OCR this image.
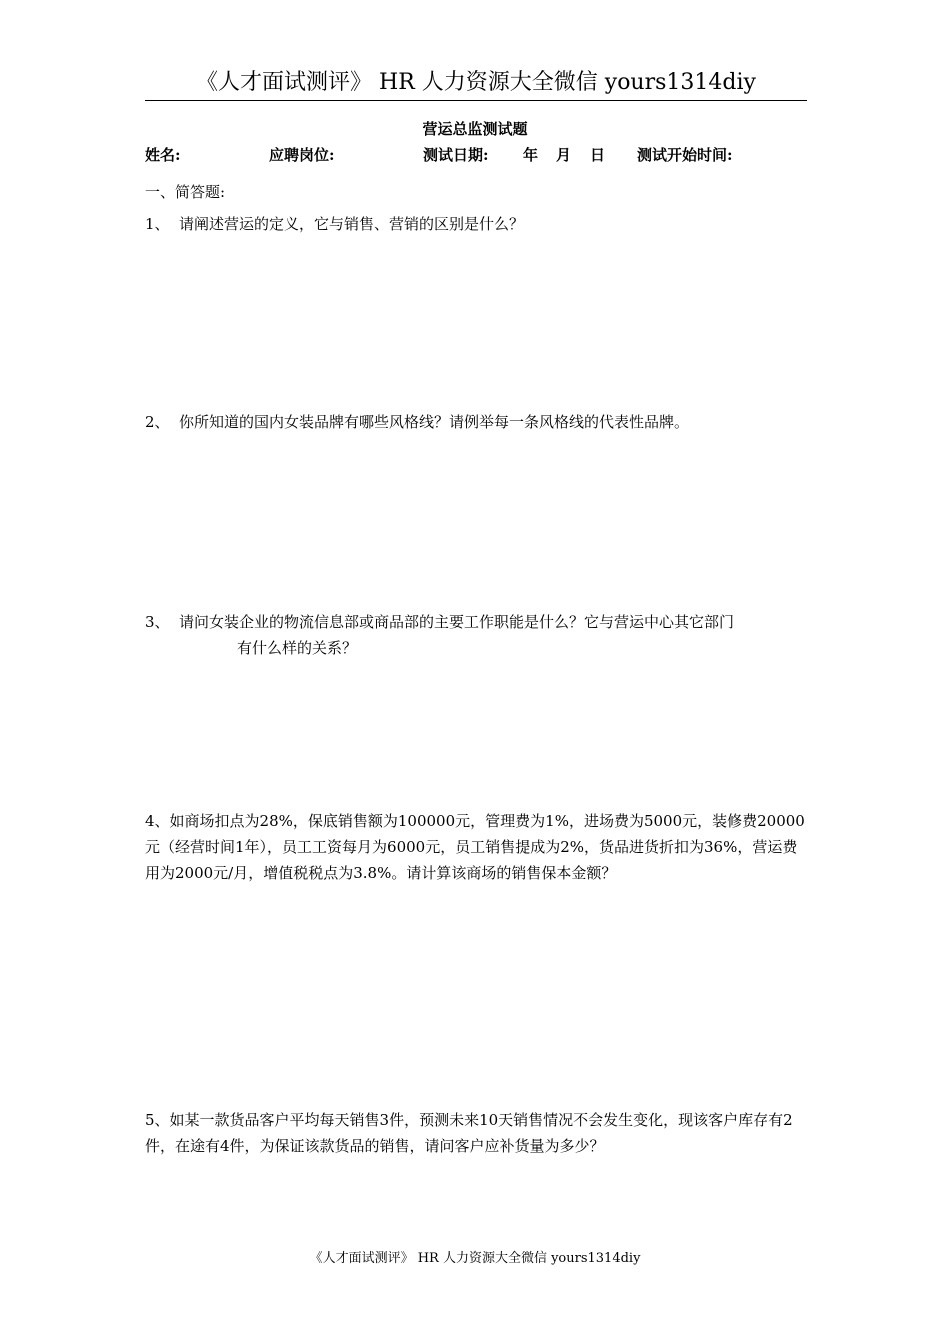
《人才面试测评》 HR 人力资源大全微信 yours1314diy
营运总监测试题
姓名:	应聘岗位:	测试日期: 年 月 日 测试开始时间:
一、简答题:
1、 请阐述营运的定义，它与销售、营销的区别是什么？
2、 你所知道的国内女装品牌有哪些风格线？请例举每一条风格线的代表性品牌。
3、 请问女装企业的物流信息部或商品部的主要工作职能是什么？它与营运中心其它部门
有什么样的关系？
4、如商场扣点为28%，保底销售额为100000元，管理费为1%，进场费为5000元，装修费20000元（经营时间1年），员工工资每月为6000元，员工销售提成为2%，货品进货折扣为36%，营运费用为2000元/月，增值税税点为3.8%。请计算该商场的销售保本金额？
5、如某一款货品客户平均每天销售3件，预测未来10天销售情况不会发生变化，现该客户库存有2件，在途有4件，为保证该款货品的销售，请问客户应补货量为多少？
《人才面试测评》 HR 人力资源大全微信 yours1314diy
